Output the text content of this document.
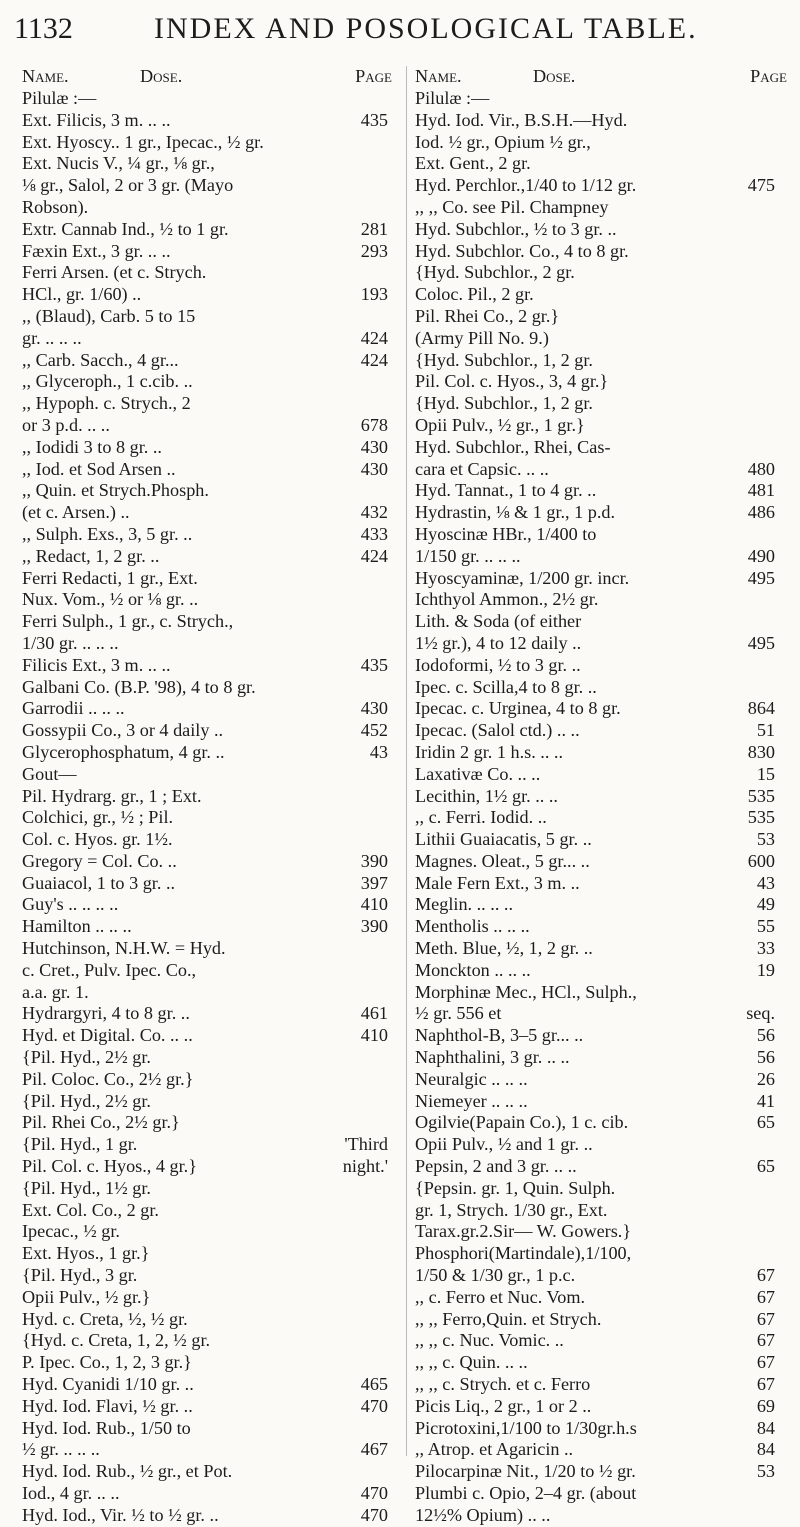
1132	INDEX AND POSOLOGICAL TABLE.
Name.	Dose.	Page
Pilulæ :—
Ext. Filicis, 3 m. .. ..	435
Ext. Hyoscy.. 1 gr., Ipecac., ½ gr.
Ext. Nucis V., ¼ gr., ⅛ gr.,
⅛ gr., Salol, 2 or 3 gr. (Mayo
Robson).
Extr. Cannab Ind., ½ to 1 gr.	281
Fæxin Ext., 3 gr. .. ..	293
Ferri Arsen. (et c. Strych.
HCl., gr. 1/60) ..	193
,, (Blaud), Carb. 5 to 15
gr. .. .. ..	424
,, Carb. Sacch., 4 gr...	424
,, Glyceroph., 1 c.cib. ..
,, Hypoph. c. Strych., 2
or 3 p.d. .. ..	678
,, Iodidi 3 to 8 gr. ..	430
,, Iod. et Sod Arsen ..	430
,, Quin. et Strych.Phosph.
(et c. Arsen.) ..	432
,, Sulph. Exs., 3, 5 gr. ..	433
,, Redact, 1, 2 gr. ..	424
Ferri Redacti, 1 gr., Ext.
Nux. Vom., ½ or ⅛ gr. ..
Ferri Sulph., 1 gr., c. Strych.,
1/30 gr. .. .. ..
Filicis Ext., 3 m. .. ..	435
Galbani Co. (B.P. '98), 4 to 8 gr.
Garrodii .. .. ..	430
Gossypii Co., 3 or 4 daily ..	452
Glycerophosphatum, 4 gr. ..	43
Gout—
Pil. Hydrarg. gr., 1 ; Ext.
Colchici, gr., ½ ; Pil.
Col. c. Hyos. gr. 1½.
Gregory = Col. Co. ..	390
Guaiacol, 1 to 3 gr. ..	397
Guy's .. .. .. ..	410
Hamilton .. .. ..	390
Hutchinson, N.H.W. = Hyd.
c. Cret., Pulv. Ipec. Co.,
a.a. gr. 1.
Hydrargyri, 4 to 8 gr. ..	461
Hyd. et Digital. Co. .. ..	410
{Pil. Hyd., 2½ gr.
Pil. Coloc. Co., 2½ gr.}
{Pil. Hyd., 2½ gr.
Pil. Rhei Co., 2½ gr.}
{Pil. Hyd., 1 gr.	'Third
Pil. Col. c. Hyos., 4 gr.}	night.'
{Pil. Hyd., 1½ gr.
Ext. Col. Co., 2 gr.
Ipecac., ½ gr.
Ext. Hyos., 1 gr.}
{Pil. Hyd., 3 gr.
Opii Pulv., ½ gr.}
Hyd. c. Creta, ½, ½ gr.
{Hyd. c. Creta, 1, 2, ½ gr.
P. Ipec. Co., 1, 2, 3 gr.}
Hyd. Cyanidi 1/10 gr. ..	465
Hyd. Iod. Flavi, ½ gr. ..	470
Hyd. Iod. Rub., 1/50 to
½ gr. .. .. ..	467
Hyd. Iod. Rub., ½ gr., et Pot.
Iod., 4 gr. .. ..	470
Hyd. Iod., Vir. ½ to ½ gr. ..	470
Name.	Dose.	Page
Pilulæ :—
Hyd. Iod. Vir., B.S.H.—Hyd.
Iod. ½ gr., Opium ½ gr.,
Ext. Gent., 2 gr.
Hyd. Perchlor.,1/40 to 1/12 gr.	475
,, ,, Co. see Pil. Champney
Hyd. Subchlor., ½ to 3 gr. ..
Hyd. Subchlor. Co., 4 to 8 gr.
{Hyd. Subchlor., 2 gr.
Coloc. Pil., 2 gr.
Pil. Rhei Co., 2 gr.}
(Army Pill No. 9.)
{Hyd. Subchlor., 1, 2 gr.
Pil. Col. c. Hyos., 3, 4 gr.}
{Hyd. Subchlor., 1, 2 gr.
Opii Pulv., ½ gr., 1 gr.}
Hyd. Subchlor., Rhei, Cas-
cara et Capsic. .. ..	480
Hyd. Tannat., 1 to 4 gr. ..	481
Hydrastin, ⅛ & 1 gr., 1 p.d.	486
Hyoscinæ HBr., 1/400 to
1/150 gr. .. .. ..	490
Hyoscyaminæ, 1/200 gr. incr.	495
Ichthyol Ammon., 2½ gr.
Lith. & Soda (of either
1½ gr.), 4 to 12 daily ..	495
Iodoformi, ½ to 3 gr. ..
Ipec. c. Scilla,4 to 8 gr. ..
Ipecac. c. Urginea, 4 to 8 gr.	864
Ipecac. (Salol ctd.) .. ..	51
Iridin 2 gr. 1 h.s. .. ..	830
Laxativæ Co. .. ..	15
Lecithin, 1½ gr. .. ..	535
,, c. Ferri. Iodid. ..	535
Lithii Guaiacatis, 5 gr. ..	53
Magnes. Oleat., 5 gr... ..	600
Male Fern Ext., 3 m. ..	43
Meglin. .. .. ..	49
Mentholis .. .. ..	55
Meth. Blue, ½, 1, 2 gr. ..	33
Monckton .. .. ..	19
Morphinæ Mec., HCl., Sulph.,
½ gr. 556 et	seq.
Naphthol-B, 3–5 gr... ..	56
Naphthalini, 3 gr. .. ..	56
Neuralgic .. .. ..	26
Niemeyer .. .. ..	41
Ogilvie(Papain Co.), 1 c. cib.	65
Opii Pulv., ½ and 1 gr. ..
Pepsin, 2 and 3 gr. .. ..	65
{Pepsin. gr. 1, Quin. Sulph.
gr. 1, Strych. 1/30 gr., Ext.
Tarax.gr.2.Sir— W. Gowers.}
Phosphori(Martindale),1/100,
1/50 & 1/30 gr., 1 p.c.	67
,, c. Ferro et Nuc. Vom.	67
,, ,, Ferro,Quin. et Strych.	67
,, ,, c. Nuc. Vomic. ..	67
,, ,, c. Quin. .. ..	67
,, ,, c. Strych. et c. Ferro	67
Picis Liq., 2 gr., 1 or 2 ..	69
Picrotoxini,1/100 to 1/30gr.h.s	84
,, Atrop. et Agaricin ..	84
Pilocarpinæ Nit., 1/20 to ½ gr.	53
Plumbi c. Opio, 2–4 gr. (about
12½% Opium) .. ..
